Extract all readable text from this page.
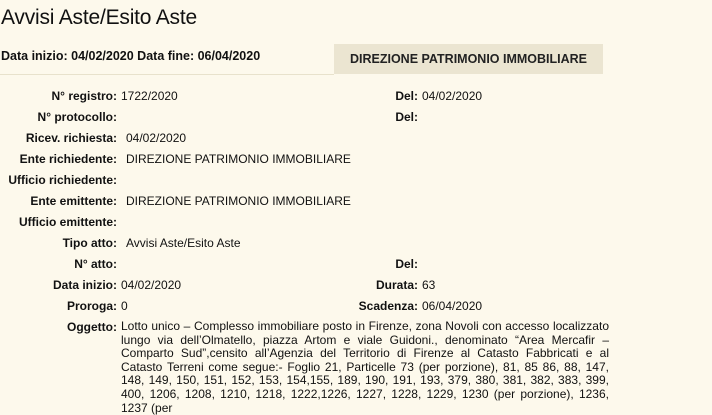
Avvisi Aste/Esito Aste
Data inizio: 04/02/2020 Data fine: 06/04/2020	DIREZIONE PATRIMONIO IMMOBILIARE
N° registro: 1722/2020	Del: 04/02/2020
N° protocollo:	Del:
Ricev. richiesta: 04/02/2020
Ente richiedente: DIREZIONE PATRIMONIO IMMOBILIARE
Ufficio richiedente:
Ente emittente: DIREZIONE PATRIMONIO IMMOBILIARE
Ufficio emittente:
Tipo atto: Avvisi Aste/Esito Aste
N° atto:	Del:
Data inizio: 04/02/2020	Durata: 63
Proroga: 0	Scadenza: 06/04/2020
Oggetto: Lotto unico – Complesso immobiliare posto in Firenze, zona Novoli con accesso localizzato lungo via dell’Olmatello, piazza Artom e viale Guidoni., denominato “Area Mercafir – Comparto Sud”,censito all’Agenzia del Territorio di Firenze al Catasto Fabbricati e al Catasto Terreni come segue:- Foglio 21, Particelle 73 (per porzione), 81, 85 86, 88, 147, 148, 149, 150, 151, 152, 153, 154,155, 189, 190, 191, 193, 379, 380, 381, 382, 383, 399, 400, 1206, 1208, 1210, 1218, 1222,1226, 1227, 1228, 1229, 1230 (per porzione), 1236, 1237 (per
